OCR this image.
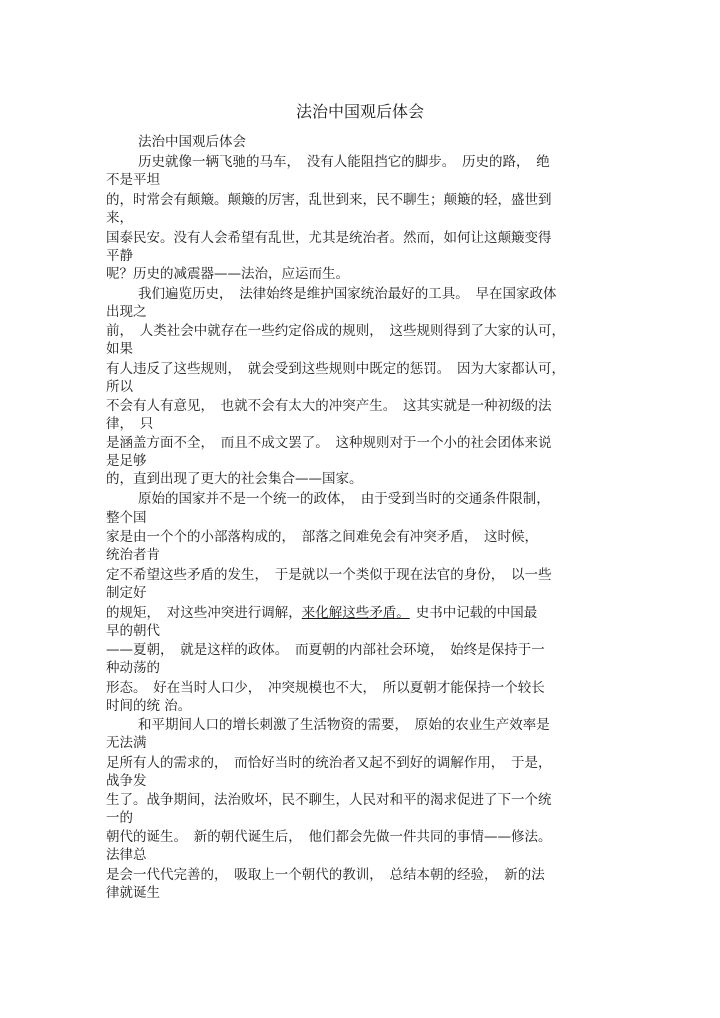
法治中国观后体会
法治中国观后体会
历史就像一辆飞驰的马车，　没有人能阻挡它的脚步。　历史的路，　绝
不是平坦
的，时常会有颠簸。颠簸的厉害，乱世到来，民不聊生；颠簸的轻，盛世到
来，
国泰民安。没有人会希望有乱世，尤其是统治者。然而，如何让这颠簸变得
平静
呢？历史的减震器——法治，应运而生。
我们遍览历史，　法律始终是维护国家统治最好的工具。　早在国家政体
出现之
前，　人类社会中就存在一些约定俗成的规则，　这些规则得到了大家的认可，
如果
有人违反了这些规则，　就会受到这些规则中既定的惩罚。　因为大家都认可，
所以
不会有人有意见，　也就不会有太大的冲突产生。　这其实就是一种初级的法
律，　只
是涵盖方面不全，　而且不成文罢了。　这种规则对于一个小的社会团体来说
是足够
的，直到出现了更大的社会集合——国家。
原始的国家并不是一个统一的政体，　由于受到当时的交通条件限制，
整个国
家是由一个个的小部落构成的，　部落之间难免会有冲突矛盾，　这时候，
统治者肯
定不希望这些矛盾的发生，　于是就以一个类似于现在法官的身份，　以一些
制定好
的规矩，　对这些冲突进行调解，来化解这些矛盾。 史书中记载的中国最
早的朝代
——夏朝，　就是这样的政体。　而夏朝的内部社会环境，　始终是保持于一
种动荡的
形态。　好在当时人口少，　冲突规模也不大，　所以夏朝才能保持一个较长
时间的统 治。
和平期间人口的增长刺激了生活物资的需要，　原始的农业生产效率是
无法满
足所有人的需求的，　而恰好当时的统治者又起不到好的调解作用，　于是，
战争发
生了。战争期间，法治败坏，民不聊生，人民对和平的渴求促进了下一个统
一的
朝代的诞生。　新的朝代诞生后，　他们都会先做一件共同的事情——修法。
法律总
是会一代代完善的，　吸取上一个朝代的教训，　总结本朝的经验，　新的法
律就诞生
